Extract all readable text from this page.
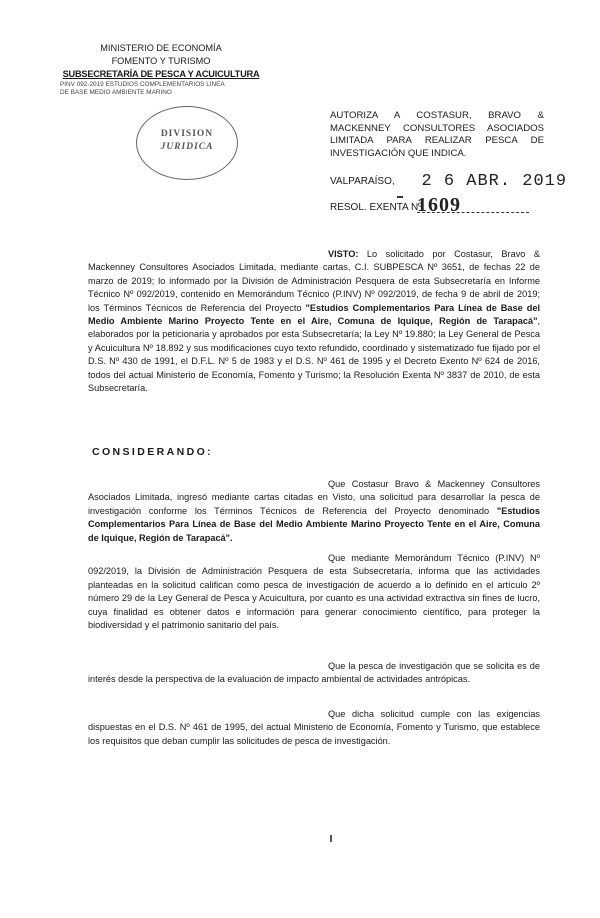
MINISTERIO DE ECONOMÍA
FOMENTO Y TURISMO
SUBSECRETARÍA DE PESCA Y ACUICULTURA
PINV 092-2019 ESTUDIOS COMPLEMENTARIOS LINEA
DE BASE MEDIO AMBIENTE MARINO
DIVISION
JURIDICA
AUTORIZA A COSTASUR, BRAVO & MACKENNEY CONSULTORES ASOCIADOS LIMITADA PARA REALIZAR PESCA DE INVESTIGACIÓN QUE INDICA.
VALPARAÍSO, 2 6 ABR. 2019
RESOL. EXENTA Nº
1609
VISTO: Lo solicitado por Costasur, Bravo & Mackenney Consultores Asociados Limitada, mediante cartas, C.I. SUBPESCA Nº 3651, de fechas 22 de marzo de 2019; lo informado por la División de Administración Pesquera de esta Subsecretaría en Informe Técnico Nº 092/2019, contenido en Memorándum Técnico (P.INV) Nº 092/2019, de fecha 9 de abril de 2019; los Términos Técnicos de Referencia del Proyecto "Estudios Complementarios Para Línea de Base del Medio Ambiente Marino Proyecto Tente en el Aire, Comuna de Iquique, Región de Tarapacá", elaborados por la peticionaria y aprobados por esta Subsecretaría; la Ley Nº 19.880; la Ley General de Pesca y Acuicultura Nº 18.892 y sus modificaciones cuyo texto refundido, coordinado y sistematizado fue fijado por el D.S. Nº 430 de 1991, el D.F.L. Nº 5 de 1983 y el D.S. Nº 461 de 1995 y el Decreto Exento Nº 624 de 2016, todos del actual Ministerio de Economía, Fomento y Turismo; la Resolución Exenta Nº 3837 de 2010, de esta Subsecretaría.
CONSIDERANDO:
Que Costasur Bravo & Mackenney Consultores Asociados Limitada, ingresó mediante cartas citadas en Visto, una solicitud para desarrollar la pesca de investigación conforme los Términos Técnicos de Referencia del Proyecto denominado "Estudios Complementarios Para Línea de Base del Medio Ambiente Marino Proyecto Tente en el Aire, Comuna de Iquique, Región de Tarapacá".
Que mediante Memorándum Técnico (P.INV) Nº 092/2019, la División de Administración Pesquera de esta Subsecretaría, informa que las actividades planteadas en la solicitud califican como pesca de investigación de acuerdo a lo definido en el artículo 2º número 29 de la Ley General de Pesca y Acuicultura, por cuanto es una actividad extractiva sin fines de lucro, cuya finalidad es obtener datos e información para generar conocimiento científico, para proteger la biodiversidad y el patrimonio sanitario del país.
Que la pesca de investigación que se solicita es de interés desde la perspectiva de la evaluación de impacto ambiental de actividades antrópicas.
Que dicha solicitud cumple con las exigencias dispuestas en el D.S. Nº 461 de 1995, del actual Ministerio de Economía, Fomento y Turismo, que establece los requisitos que deban cumplir las solicitudes de pesca de investigación.
